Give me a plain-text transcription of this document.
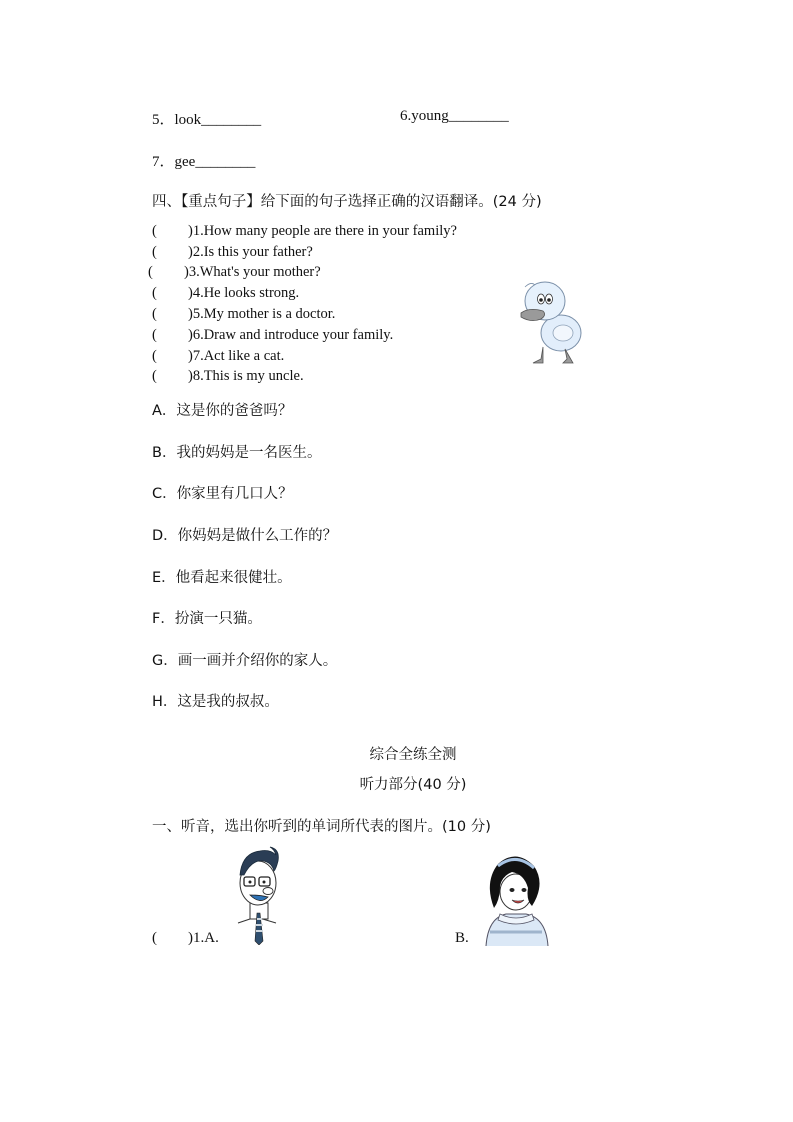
5．look________	6.young________
7．gee________
四、【重点句子】给下面的句子选择正确的汉语翻译。(24 分)
( )1.How many people are there in your family?
( )2.Is this your father?
( )3.What's your mother?
( )4.He looks strong.
( )5.My mother is a doctor.
( )6.Draw and introduce your family.
( )7.Act like a cat.
( )8.This is my uncle.
A．这是你的爸爸吗？
B．我的妈妈是一名医生。
C．你家里有几口人？
D．你妈妈是做什么工作的？
E．他看起来很健壮。
F．扮演一只猫。
G．画一画并介绍你的家人。
H．这是我的叔叔。
综合全练全测
听力部分(40 分)
一、听音，选出你听到的单词所代表的图片。(10 分)
( )1.A.	B.
